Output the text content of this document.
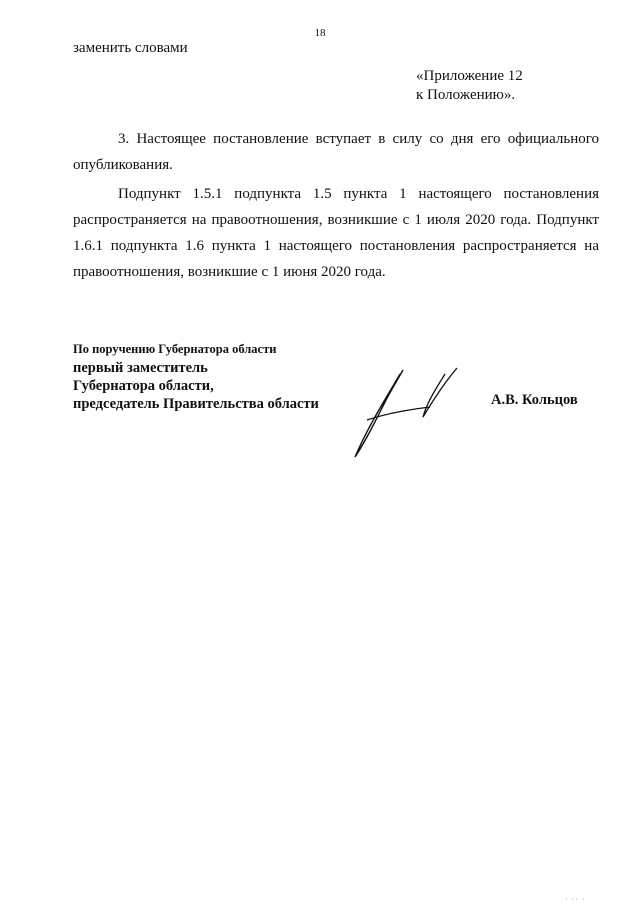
18
заменить словами
«Приложение 12
к Положению».
3. Настоящее постановление вступает в силу со дня его официального опубликования.
Подпункт 1.5.1 подпункта 1.5 пункта 1 настоящего постановления распространяется на правоотношения, возникшие с 1 июля 2020 года. Подпункт 1.6.1 подпункта 1.6 пункта 1 настоящего постановления распространяется на правоотношения, возникшие с 1 июня 2020 года.
По поручению Губернатора области
первый заместитель
Губернатора области,
председатель Правительства области	А.В. Кольцов
· ·· ·
